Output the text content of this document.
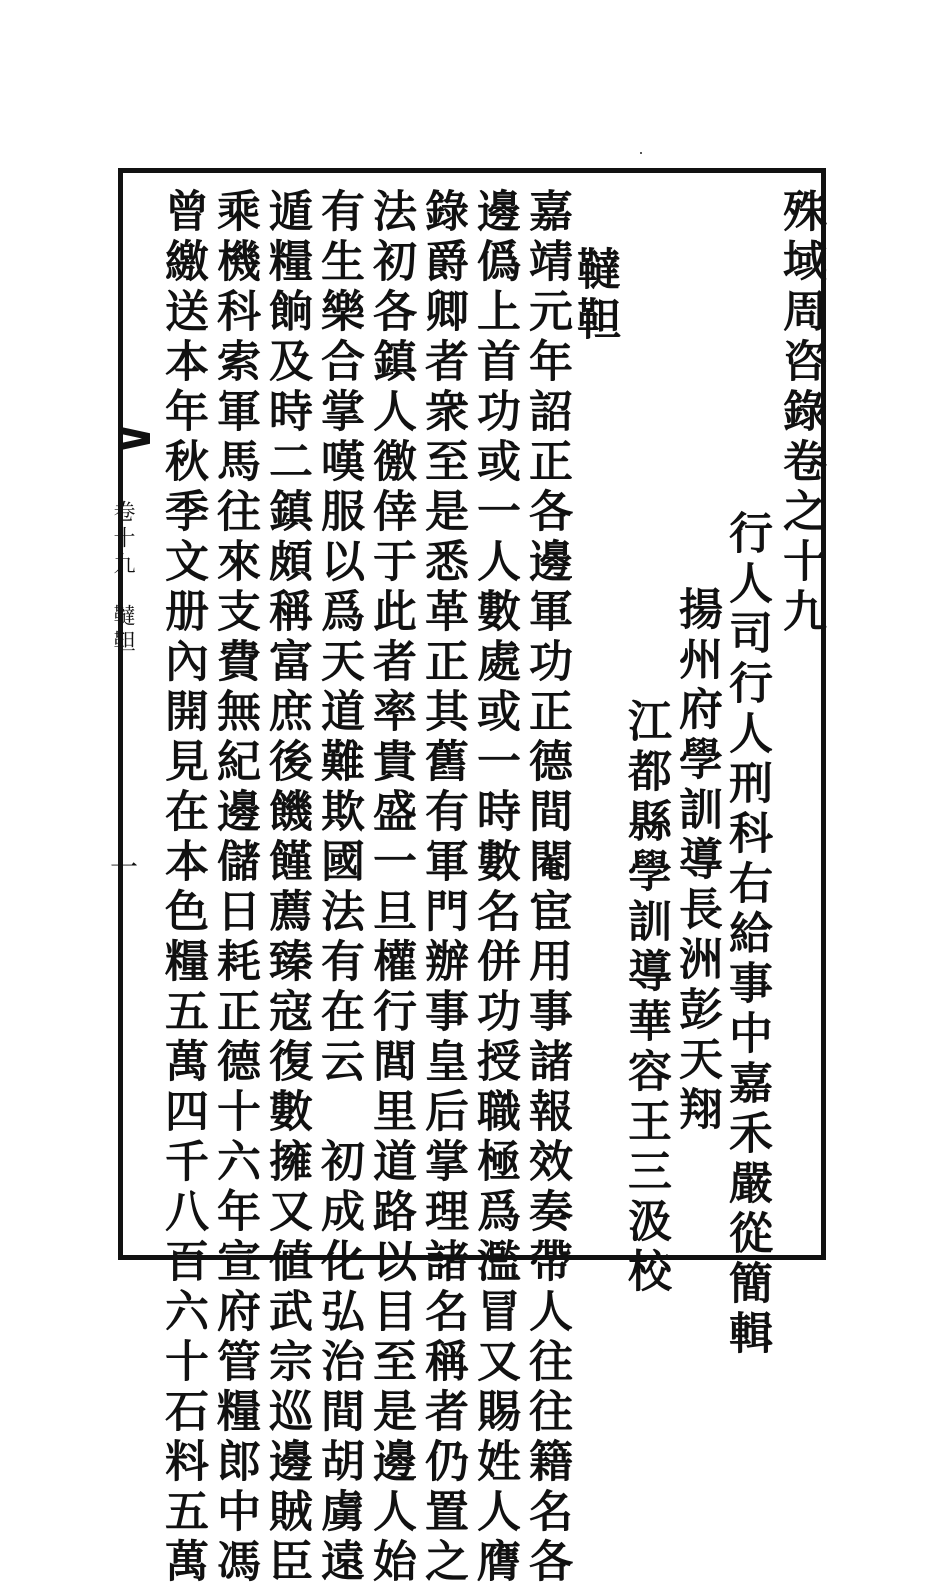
殊域周咨錄卷之十九
行人司行人刑科右給事中嘉禾嚴從簡輯
揚州府學訓導長洲彭天翔
江都縣學訓導華容王三汲校
韃靼
嘉靖元年詔正各邊軍功正德間閹宦用事諸報效奏帶人往往籍名各
邊僞上首功或一人數處或一時數名併功授職極爲濫冒又賜姓人膺
錄爵卿者衆至是悉革正其舊有軍門辦事皇后掌理諸名稱者仍置之
法初各鎮人徼倖于此者率貴盛一旦權行閭里道路以目至是邊人始
有生樂合掌嘆服以爲天道難欺國法有在云　初成化弘治間胡虜遠
遁糧餉及時二鎮頗稱富庶後饑饉薦臻寇復數擁又値武宗巡邊賊臣
乘機科索軍馬往來支費無紀邊儲日耗正德十六年宣府管糧郎中馮
曾繳送本年秋季文册內開見在本色糧五萬四千八百六十石料五萬
卷十九　韃靼
一
